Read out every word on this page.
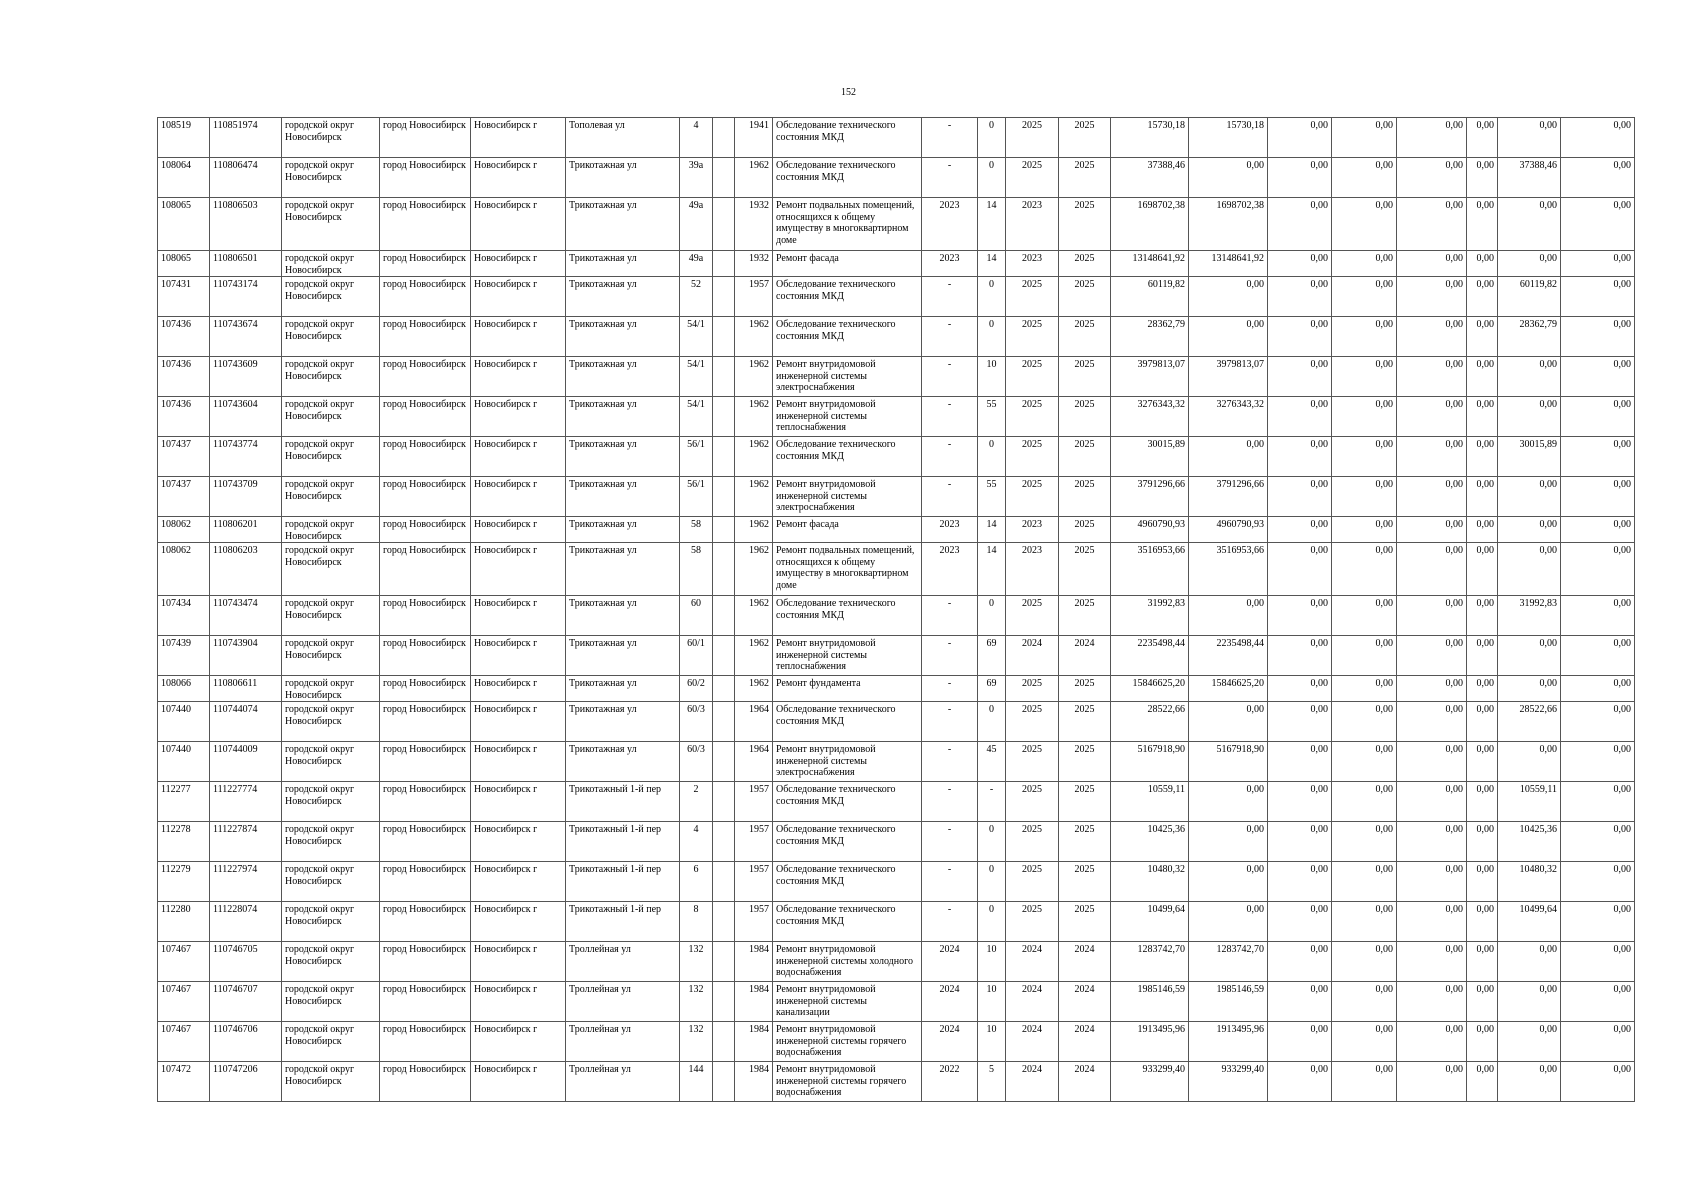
152
108519	110851974	городской округ Новосибирск	город Новосибирск	Новосибирск г	Тополевая ул	4		1941	Обследование технического состояния МКД	-	0	2025	2025	15730,18	15730,18	0,00	0,00	0,00	0,00	0,00	0,00
108064	110806474	городской округ Новосибирск	город Новосибирск	Новосибирск г	Трикотажная ул	39а		1962	Обследование технического состояния МКД	-	0	2025	2025	37388,46	0,00	0,00	0,00	0,00	0,00	37388,46	0,00
108065	110806503	городской округ Новосибирск	город Новосибирск	Новосибирск г	Трикотажная ул	49а		1932	Ремонт подвальных помещений, относящихся к общему имуществу в многоквартирном доме	2023	14	2023	2025	1698702,38	1698702,38	0,00	0,00	0,00	0,00	0,00	0,00
108065	110806501	городской округ Новосибирск	город Новосибирск	Новосибирск г	Трикотажная ул	49а		1932	Ремонт фасада	2023	14	2023	2025	13148641,92	13148641,92	0,00	0,00	0,00	0,00	0,00	0,00
107431	110743174	городской округ Новосибирск	город Новосибирск	Новосибирск г	Трикотажная ул	52		1957	Обследование технического состояния МКД	-	0	2025	2025	60119,82	0,00	0,00	0,00	0,00	0,00	60119,82	0,00
107436	110743674	городской округ Новосибирск	город Новосибирск	Новосибирск г	Трикотажная ул	54/1		1962	Обследование технического состояния МКД	-	0	2025	2025	28362,79	0,00	0,00	0,00	0,00	0,00	28362,79	0,00
107436	110743609	городской округ Новосибирск	город Новосибирск	Новосибирск г	Трикотажная ул	54/1		1962	Ремонт внутридомовой инженерной системы электроснабжения	-	10	2025	2025	3979813,07	3979813,07	0,00	0,00	0,00	0,00	0,00	0,00
107436	110743604	городской округ Новосибирск	город Новосибирск	Новосибирск г	Трикотажная ул	54/1		1962	Ремонт внутридомовой инженерной системы теплоснабжения	-	55	2025	2025	3276343,32	3276343,32	0,00	0,00	0,00	0,00	0,00	0,00
107437	110743774	городской округ Новосибирск	город Новосибирск	Новосибирск г	Трикотажная ул	56/1		1962	Обследование технического состояния МКД	-	0	2025	2025	30015,89	0,00	0,00	0,00	0,00	0,00	30015,89	0,00
107437	110743709	городской округ Новосибирск	город Новосибирск	Новосибирск г	Трикотажная ул	56/1		1962	Ремонт внутридомовой инженерной системы электроснабжения	-	55	2025	2025	3791296,66	3791296,66	0,00	0,00	0,00	0,00	0,00	0,00
108062	110806201	городской округ Новосибирск	город Новосибирск	Новосибирск г	Трикотажная ул	58		1962	Ремонт фасада	2023	14	2023	2025	4960790,93	4960790,93	0,00	0,00	0,00	0,00	0,00	0,00
108062	110806203	городской округ Новосибирск	город Новосибирск	Новосибирск г	Трикотажная ул	58		1962	Ремонт подвальных помещений, относящихся к общему имуществу в многоквартирном доме	2023	14	2023	2025	3516953,66	3516953,66	0,00	0,00	0,00	0,00	0,00	0,00
107434	110743474	городской округ Новосибирск	город Новосибирск	Новосибирск г	Трикотажная ул	60		1962	Обследование технического состояния МКД	-	0	2025	2025	31992,83	0,00	0,00	0,00	0,00	0,00	31992,83	0,00
107439	110743904	городской округ Новосибирск	город Новосибирск	Новосибирск г	Трикотажная ул	60/1		1962	Ремонт внутридомовой инженерной системы теплоснабжения	-	69	2024	2024	2235498,44	2235498,44	0,00	0,00	0,00	0,00	0,00	0,00
108066	110806611	городской округ Новосибирск	город Новосибирск	Новосибирск г	Трикотажная ул	60/2		1962	Ремонт фундамента	-	69	2025	2025	15846625,20	15846625,20	0,00	0,00	0,00	0,00	0,00	0,00
107440	110744074	городской округ Новосибирск	город Новосибирск	Новосибирск г	Трикотажная ул	60/3		1964	Обследование технического состояния МКД	-	0	2025	2025	28522,66	0,00	0,00	0,00	0,00	0,00	28522,66	0,00
107440	110744009	городской округ Новосибирск	город Новосибирск	Новосибирск г	Трикотажная ул	60/3		1964	Ремонт внутридомовой инженерной системы электроснабжения	-	45	2025	2025	5167918,90	5167918,90	0,00	0,00	0,00	0,00	0,00	0,00
112277	111227774	городской округ Новосибирск	город Новосибирск	Новосибирск г	Трикотажный 1-й пер	2		1957	Обследование технического состояния МКД	-	-	2025	2025	10559,11	0,00	0,00	0,00	0,00	0,00	10559,11	0,00
112278	111227874	городской округ Новосибирск	город Новосибирск	Новосибирск г	Трикотажный 1-й пер	4		1957	Обследование технического состояния МКД	-	0	2025	2025	10425,36	0,00	0,00	0,00	0,00	0,00	10425,36	0,00
112279	111227974	городской округ Новосибирск	город Новосибирск	Новосибирск г	Трикотажный 1-й пер	6		1957	Обследование технического состояния МКД	-	0	2025	2025	10480,32	0,00	0,00	0,00	0,00	0,00	10480,32	0,00
112280	111228074	городской округ Новосибирск	город Новосибирск	Новосибирск г	Трикотажный 1-й пер	8		1957	Обследование технического состояния МКД	-	0	2025	2025	10499,64	0,00	0,00	0,00	0,00	0,00	10499,64	0,00
107467	110746705	городской округ Новосибирск	город Новосибирск	Новосибирск г	Троллейная ул	132		1984	Ремонт внутридомовой инженерной системы холодного водоснабжения	2024	10	2024	2024	1283742,70	1283742,70	0,00	0,00	0,00	0,00	0,00	0,00
107467	110746707	городской округ Новосибирск	город Новосибирск	Новосибирск г	Троллейная ул	132		1984	Ремонт внутридомовой инженерной системы канализации	2024	10	2024	2024	1985146,59	1985146,59	0,00	0,00	0,00	0,00	0,00	0,00
107467	110746706	городской округ Новосибирск	город Новосибирск	Новосибирск г	Троллейная ул	132		1984	Ремонт внутридомовой инженерной системы горячего водоснабжения	2024	10	2024	2024	1913495,96	1913495,96	0,00	0,00	0,00	0,00	0,00	0,00
107472	110747206	городской округ Новосибирск	город Новосибирск	Новосибирск г	Троллейная ул	144		1984	Ремонт внутридомовой инженерной системы горячего водоснабжения	2022	5	2024	2024	933299,40	933299,40	0,00	0,00	0,00	0,00	0,00	0,00
